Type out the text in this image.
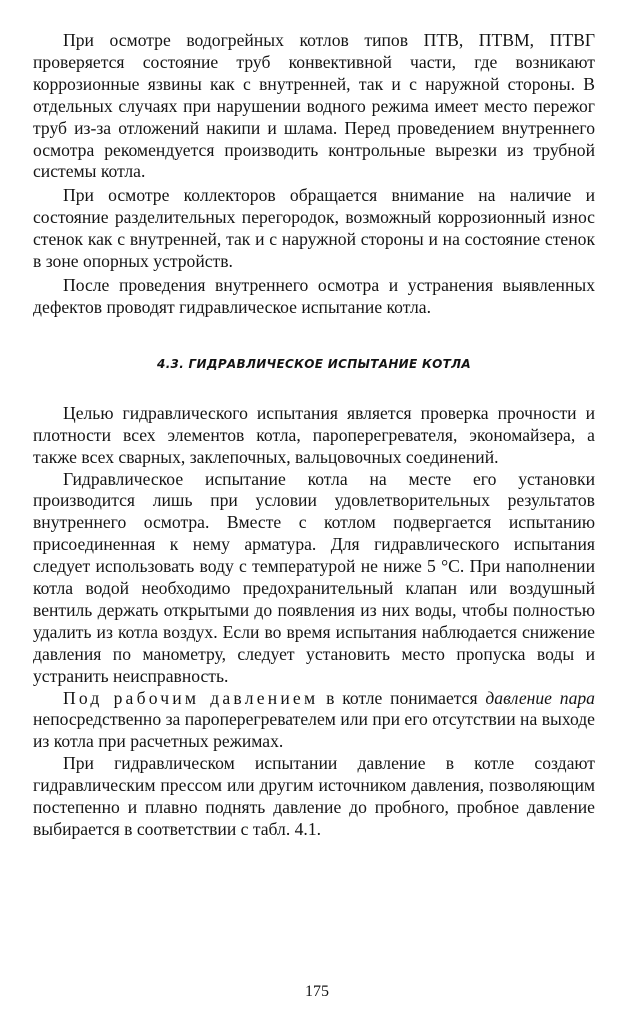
При осмотре водогрейных котлов типов ПТВ, ПТВМ, ПТВГ проверяется состояние труб конвективной части, где возникают коррозионные язвины как с внутренней, так и с наружной стороны. В отдельных случаях при нарушении водного режима имеет место пережог труб из-за отложений накипи и шлама. Перед проведением внутреннего осмотра рекомендуется производить контрольные вырезки из трубной системы котла.

При осмотре коллекторов обращается внимание на наличие и состояние разделительных перегородок, возможный коррозионный износ стенок как с внутренней, так и с наружной стороны и на состояние стенок в зоне опорных устройств.

После проведения внутреннего осмотра и устранения выявленных дефектов проводят гидравлическое испытание котла.

4.3. ГИДРАВЛИЧЕСКОЕ ИСПЫТАНИЕ КОТЛА

Целью гидравлического испытания является проверка прочности и плотности всех элементов котла, пароперегревателя, экономайзера, а также всех сварных, заклепочных, вальцовочных соединений.

Гидравлическое испытание котла на месте его установки производится лишь при условии удовлетворительных результатов внутреннего осмотра. Вместе с котлом подвергается испытанию присоединенная к нему арматура. Для гидравлического испытания следует использовать воду с температурой не ниже 5 °С. При наполнении котла водой необходимо предохранительный клапан или воздушный вентиль держать открытыми до появления из них воды, чтобы полностью удалить из котла воздух. Если во время испытания наблюдается снижение давления по манометру, следует установить место пропуска воды и устранить неисправность.

Под рабочим давлением в котле понимается давление пара непосредственно за пароперегревателем или при его отсутствии на выходе из котла при расчетных режимах.

При гидравлическом испытании давление в котле создают гидравлическим прессом или другим источником давления, позволяющим постепенно и плавно поднять давление до пробного, пробное давление выбирается в соответствии с табл. 4.1.

175
